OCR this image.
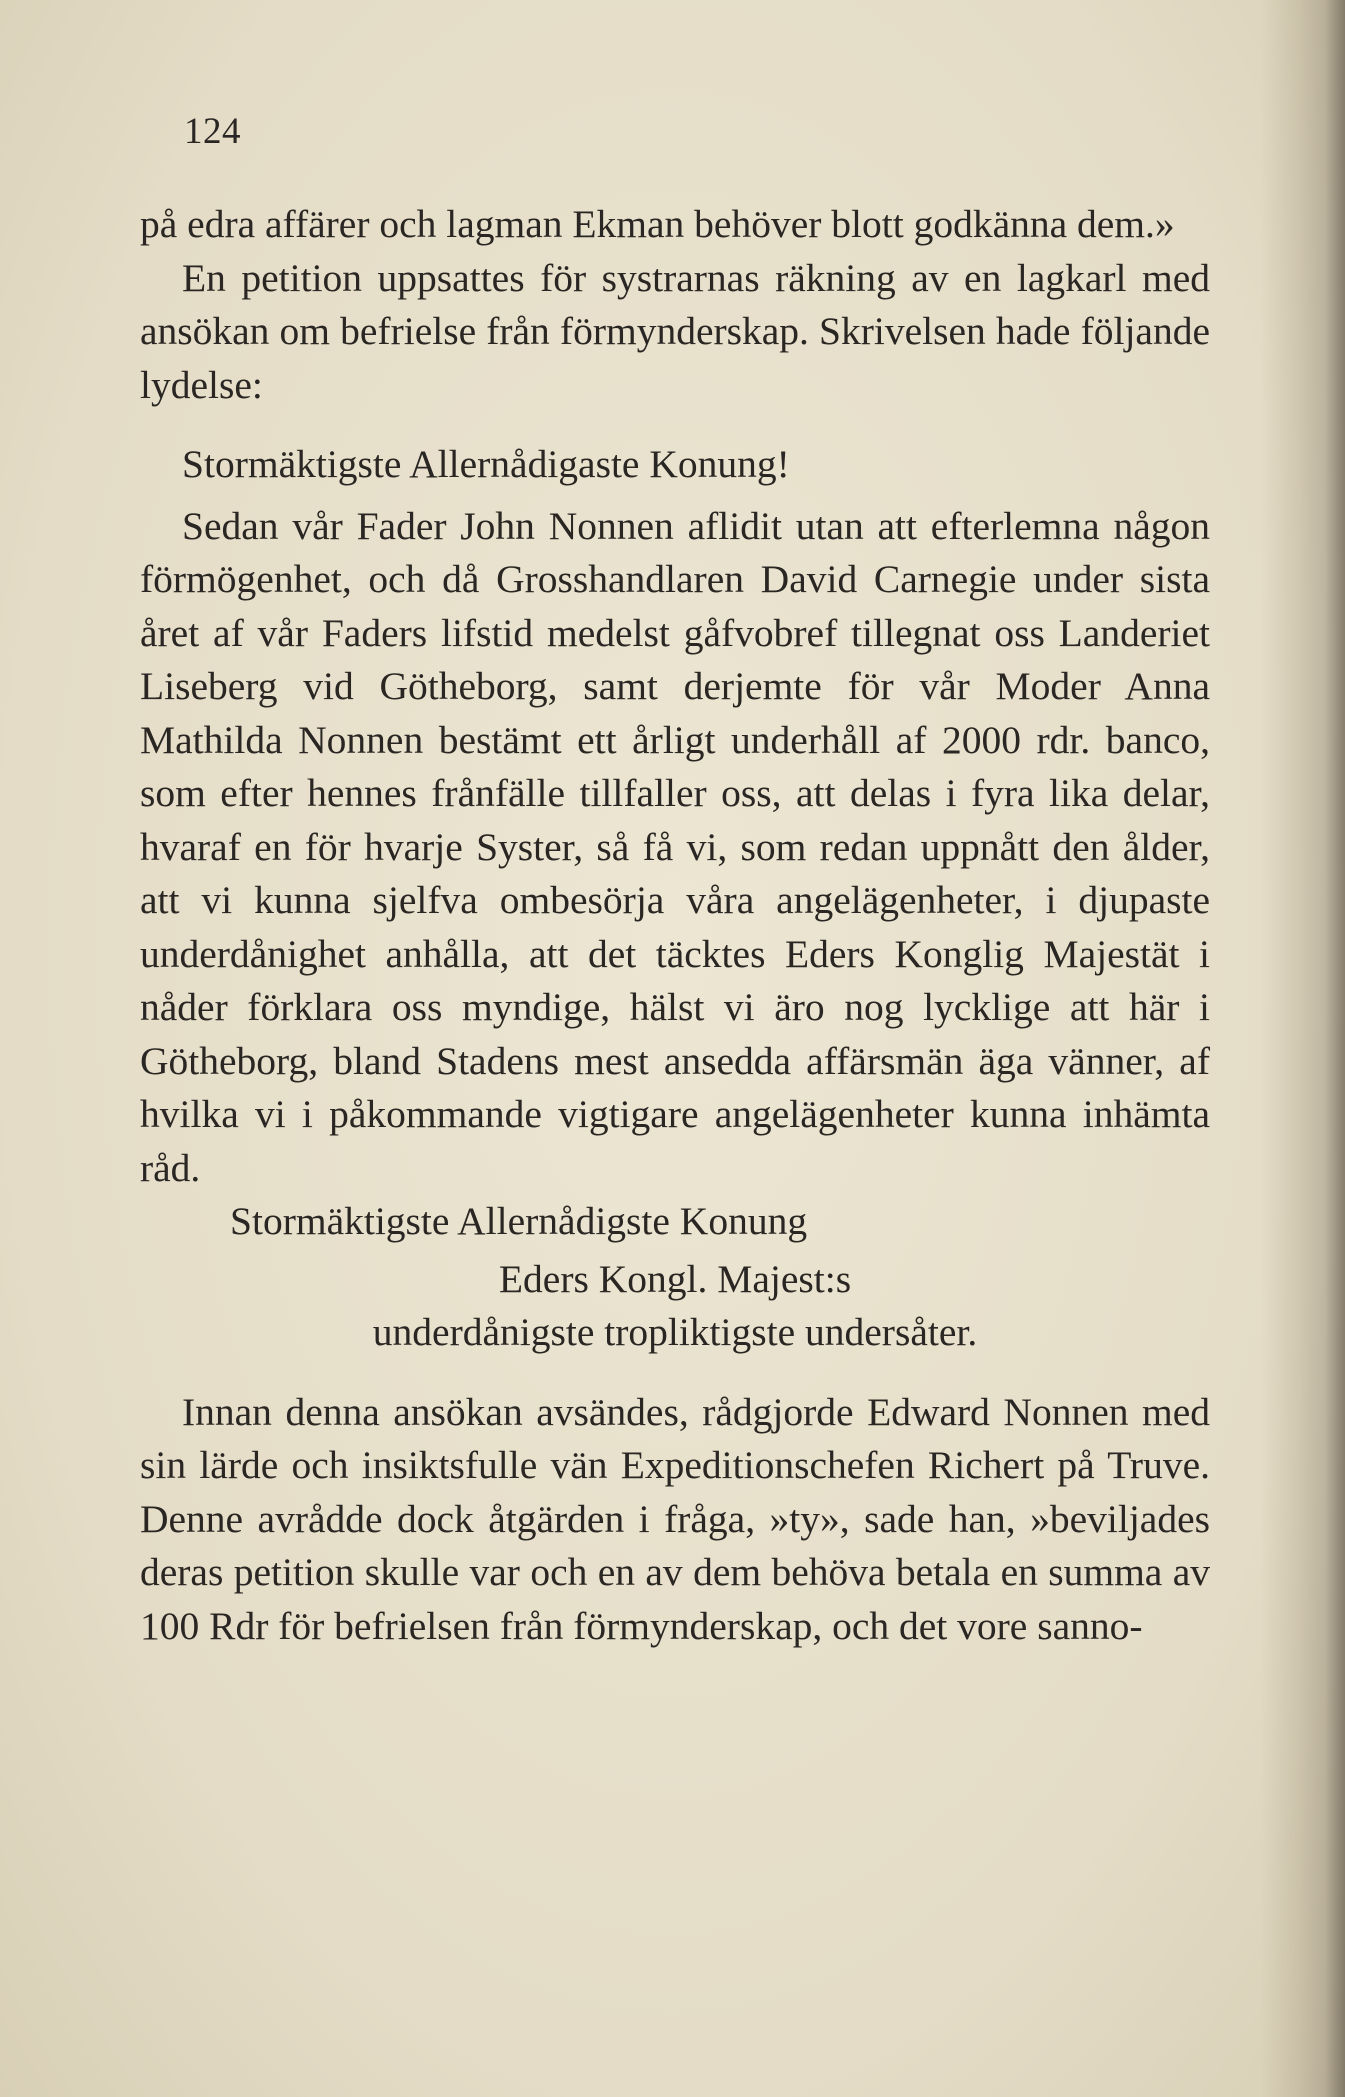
124

på edra affärer och lagman Ekman behöver blott godkänna dem.»

En petition uppsattes för systrarnas räkning av en lagkarl med ansökan om befrielse från förmynderskap. Skrivelsen hade följande lydelse:

Stormäktigste Allernådigaste Konung!

Sedan vår Fader John Nonnen aflidit utan att efterlemna någon förmögenhet, och då Grosshandlaren David Carnegie under sista året af vår Faders lifstid medelst gåfvobref tillegnat oss Landeriet Liseberg vid Götheborg, samt derjemte för vår Moder Anna Mathilda Nonnen bestämt ett årligt underhåll af 2000 rdr. banco, som efter hennes frånfälle tillfaller oss, att delas i fyra lika delar, hvaraf en för hvarje Syster, så få vi, som redan uppnått den ålder, att vi kunna sjelfva ombesörja våra angelägenheter, i djupaste underdånighet anhålla, att det täcktes Eders Konglig Majestät i nåder förklara oss myndige, hälst vi äro nog lycklige att här i Götheborg, bland Stadens mest ansedda affärsmän äga vänner, af hvilka vi i påkommande vigtigare angelägenheter kunna inhämta råd.

Stormäktigste Allernådigste Konung

Eders Kongl. Majest:s

underdånigste tropliktigste undersåter.

Innan denna ansökan avsändes, rådgjorde Edward Nonnen med sin lärde och insiktsfulle vän Expeditionschefen Richert på Truve. Denne avrådde dock åtgärden i fråga, »ty», sade han, »beviljades deras petition skulle var och en av dem behöva betala en summa av 100 Rdr för befrielsen från förmynderskap, och det vore sanno-
